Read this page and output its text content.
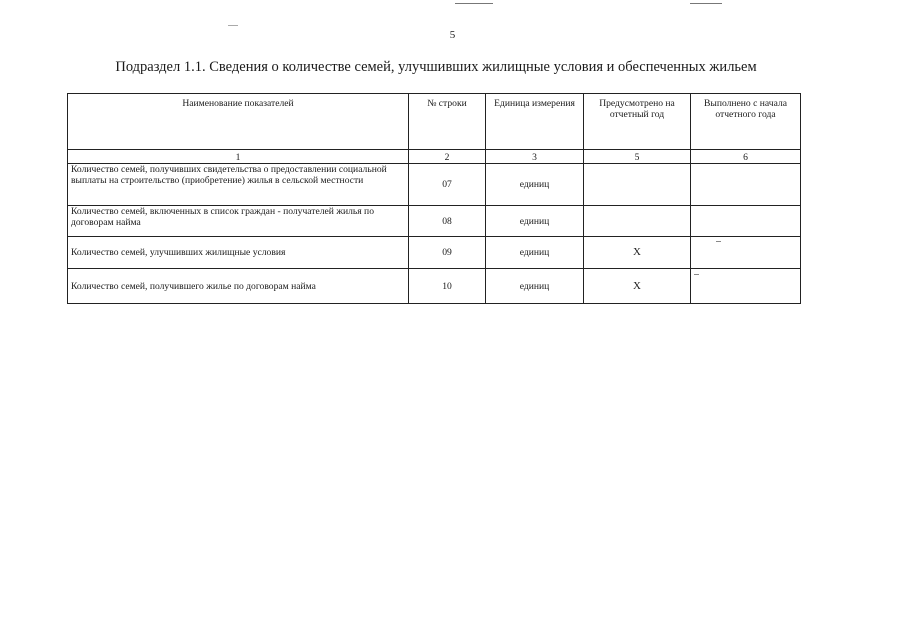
5
Подраздел 1.1. Сведения о количестве семей, улучшивших жилищные условия и обеспеченных жильем
Наименование показателей	№ строки	Единица измерения	Предусмотрено на отчетный год	Выполнено с начала отчетного года
1	2	3	5	6
Количество семей, получивших свидетельства о предоставлении социальной выплаты на строительство (приобретение) жилья в сельской местности	07	единиц		
Количество семей, включенных в список граждан - получателей жилья по договорам найма	08	единиц		
Количество семей, улучшивших жилищные условия	09	единиц	X	
Количество семей, получившего жилье по договорам найма	10	единиц	X	
